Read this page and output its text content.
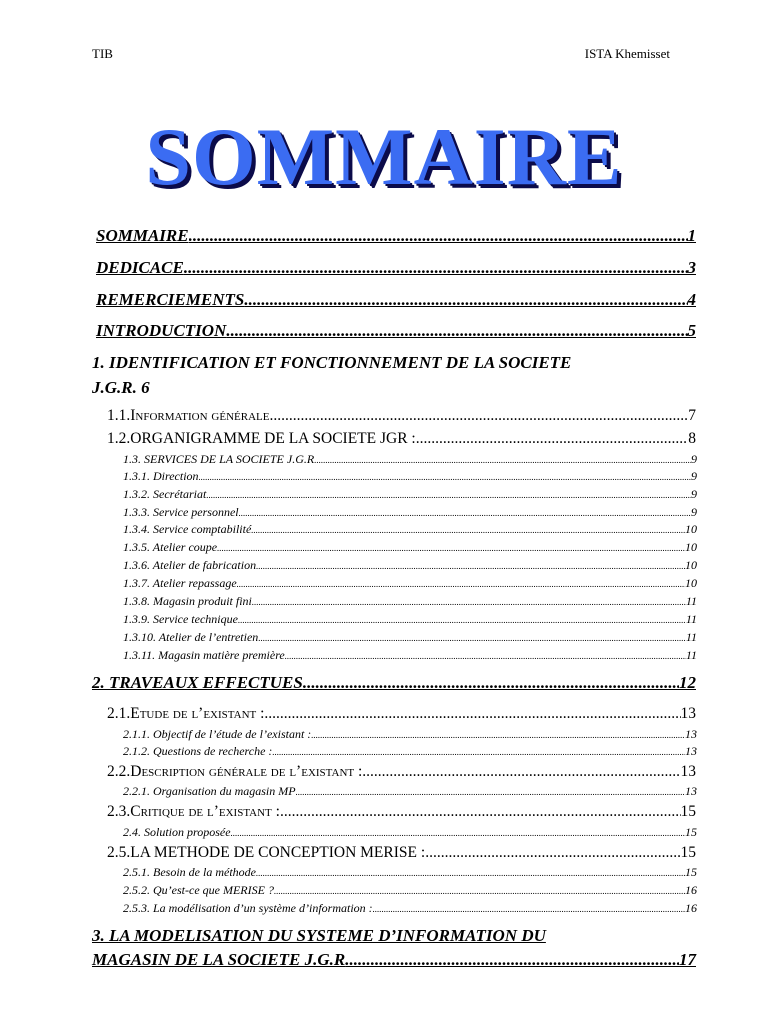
TIB	ISTA Khemisset
SOMMAIRE
SOMMAIRE .....	1
DEDICACE .....	3
REMERCIEMENTS .....	4
INTRODUCTION .....	5
1. IDENTIFICATION ET FONCTIONNEMENT DE LA SOCIETE
J.G.R. 6
1.1.Information générale .....	7
1.2.ORGANIGRAMME DE LA SOCIETE JGR : .....	8
1.3. SERVICES DE LA SOCIETE J.G.R .....	9
1.3.1. Direction .....	9
1.3.2. Secrétariat .....	9
1.3.3. Service personnel .....	9
1.3.4. Service comptabilité .....	10
1.3.5. Atelier coupe .....	10
1.3.6. Atelier de fabrication .....	10
1.3.7. Atelier repassage .....	10
1.3.8. Magasin produit fini .....	11
1.3.9. Service technique .....	11
1.3.10. Atelier de l’entretien .....	11
1.3.11. Magasin matière première .....	11
2. TRAVEAUX EFFECTUES .....	12
2.1.Etude de l’existant : .....	13
2.1.1. Objectif de l’étude de l’existant : .....	13
2.1.2. Questions de recherche : .....	13
2.2.Description générale de l’existant : .....	13
2.2.1. Organisation du magasin MP .....	13
2.3.Critique de l’existant : .....	15
2.4. Solution proposée .....	15
2.5.LA METHODE DE CONCEPTION MERISE : .....	15
2.5.1. Besoin de la méthode .....	15
2.5.2. Qu’est-ce que MERISE ? .....	16
2.5.3. La modélisation d’un système d’information : .....	16
3. LA MODELISATION DU SYSTEME D’INFORMATION DU
MAGASIN DE LA SOCIETE J.G.R .....	17
